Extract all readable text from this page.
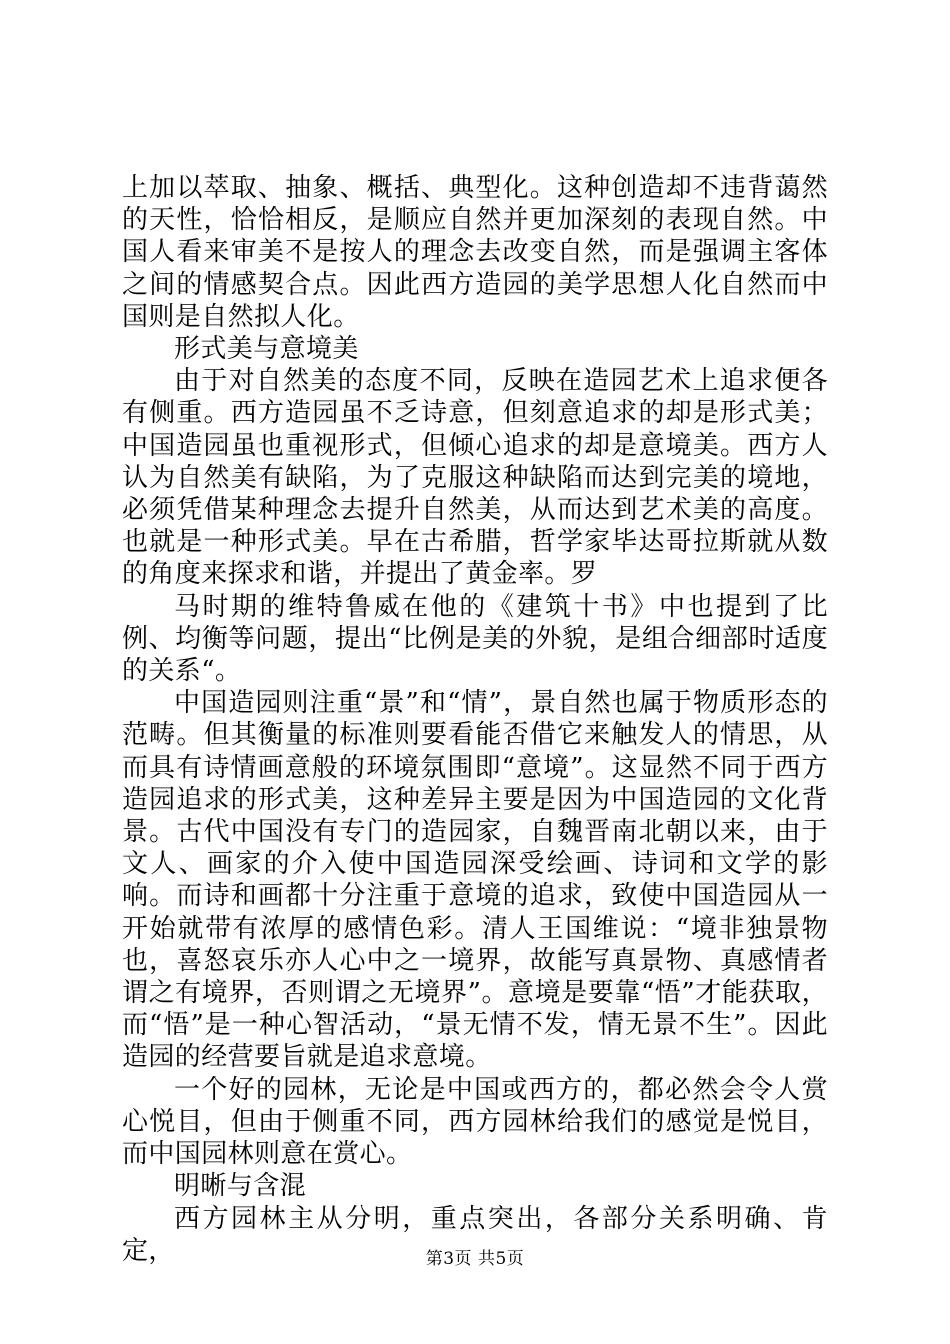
上加以萃取、抽象、概括、典型化。这种创造却不违背蔼然的天性，恰恰相反，是顺应自然并更加深刻的表现自然。中国人看来审美不是按人的理念去改变自然，而是强调主客体之间的情感契合点。因此西方造园的美学思想人化自然而中国则是自然拟人化。

形式美与意境美

由于对自然美的态度不同，反映在造园艺术上追求便各有侧重。西方造园虽不乏诗意，但刻意追求的却是形式美；中国造园虽也重视形式，但倾心追求的却是意境美。西方人认为自然美有缺陷，为了克服这种缺陷而达到完美的境地，必须凭借某种理念去提升自然美，从而达到艺术美的高度。也就是一种形式美。早在古希腊，哲学家毕达哥拉斯就从数的角度来探求和谐，并提出了黄金率。罗

马时期的维特鲁威在他的《建筑十书》中也提到了比例、均衡等问题，提出“比例是美的外貌，是组合细部时适度的关系“。

中国造园则注重“景”和“情”，景自然也属于物质形态的范畴。但其衡量的标准则要看能否借它来触发人的情思，从而具有诗情画意般的环境氛围即“意境”。这显然不同于西方造园追求的形式美，这种差异主要是因为中国造园的文化背景。古代中国没有专门的造园家，自魏晋南北朝以来，由于文人、画家的介入使中国造园深受绘画、诗词和文学的影响。而诗和画都十分注重于意境的追求，致使中国造园从一开始就带有浓厚的感情色彩。清人王国维说：“境非独景物也，喜怒哀乐亦人心中之一境界，故能写真景物、真感情者谓之有境界，否则谓之无境界”。意境是要靠“悟”才能获取，而“悟”是一种心智活动，“景无情不发，情无景不生”。因此造园的经营要旨就是追求意境。

一个好的园林，无论是中国或西方的，都必然会令人赏心悦目，但由于侧重不同，西方园林给我们的感觉是悦目，而中国园林则意在赏心。

明晰与含混

西方园林主从分明，重点突出，各部分关系明确、肯定，	第3页 共5页
